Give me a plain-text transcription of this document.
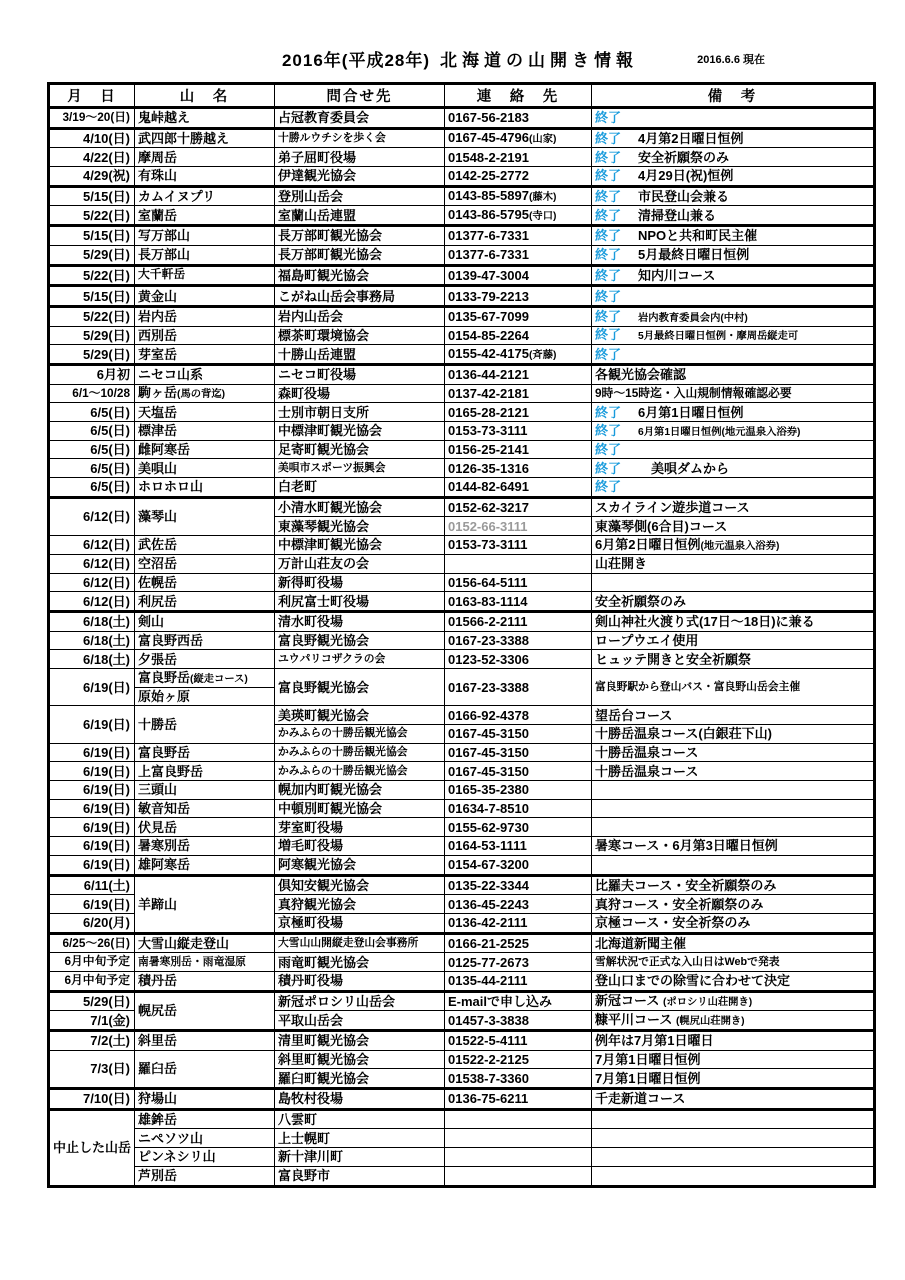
2016年(平成28年) 北海道の山開き情報	2016.6.6 現在
月　日	山　名	問合せ先	連　絡　先	備　考
3/19〜20(日)	鬼峠越え	占冠教育委員会	0167-56-2183	終了
4/10(日)	武四郎十勝越え	十勝ルウチシを歩く会	0167-45-4796(山家)	終了 4月第2日曜日恒例
4/22(日)	摩周岳	弟子屈町役場	01548-2-2191	終了 安全祈願祭のみ
4/29(祝)	有珠山	伊達観光協会	0142-25-2772	終了 4月29日(祝)恒例
5/15(日)	カムイヌプリ	登別山岳会	0143-85-5897(藤木)	終了 市民登山会兼る
5/22(日)	室蘭岳	室蘭山岳連盟	0143-86-5795(寺口)	終了 清掃登山兼る
5/15(日)	写万部山	長万部町観光協会	01377-6-7331	終了 NPOと共和町民主催
5/29(日)	長万部山	長万部町観光協会	01377-6-7331	終了 5月最終日曜日恒例
5/22(日)	大千軒岳	福島町観光協会	0139-47-3004	終了 知内川コース
5/15(日)	黄金山	こがね山岳会事務局	0133-79-2213	終了
5/22(日)	岩内岳	岩内山岳会	0135-67-7099	終了 岩内教育委員会内(中村)
5/29(日)	西別岳	標茶町環境協会	0154-85-2264	終了 5月最終日曜日恒例・摩周岳縦走可
5/29(日)	芽室岳	十勝山岳連盟	0155-42-4175(斉藤)	終了
6月初	ニセコ山系	ニセコ町役場	0136-44-2121	各観光協会確認
6/1〜10/28	駒ヶ岳(馬の背迄)	森町役場	0137-42-2181	9時〜15時迄・入山規制情報確認必要
6/5(日)	天塩岳	士別市朝日支所	0165-28-2121	終了 6月第1日曜日恒例
6/5(日)	標津岳	中標津町観光協会	0153-73-3111	終了 6月第1日曜日恒例(地元温泉入浴券)
6/5(日)	雌阿寒岳	足寄町観光協会	0156-25-2141	終了
6/5(日)	美唄山	美唄市スポーツ振興会	0126-35-1316	終了　美唄ダムから
6/5(日)	ホロホロ山	白老町	0144-82-6491	終了
6/12(日)	藻琴山	小清水町観光協会	0152-62-3217	スカイライン遊歩道コース
		東藻琴観光協会	0152-66-3111	東藻琴側(6合目)コース
6/12(日)	武佐岳	中標津町観光協会	0153-73-3111	6月第2日曜日恒例(地元温泉入浴券)
6/12(日)	空沼岳	万計山荘友の会		山荘開き
6/12(日)	佐幌岳	新得町役場	0156-64-5111	
6/12(日)	利尻岳	利尻富士町役場	0163-83-1114	安全祈願祭のみ
6/18(土)	剣山	清水町役場	01566-2-2111	剣山神社火渡り式(17日〜18日)に兼る
6/18(土)	富良野西岳	富良野観光協会	0167-23-3388	ロープウエイ使用
6/18(土)	夕張岳	ユウパリコザクラの会	0123-52-3306	ヒュッテ開きと安全祈願祭
6/19(日)	富良野岳(縦走コース)	富良野観光協会	0167-23-3388	富良野駅から登山バス・富良野山岳会主催
	原始ヶ原			
6/19(日)	十勝岳	美瑛町観光協会	0166-92-4378	望岳台コース
		かみふらの十勝岳観光協会	0167-45-3150	十勝岳温泉コース(白銀荘下山)
6/19(日)	富良野岳	かみふらの十勝岳観光協会	0167-45-3150	十勝岳温泉コース
6/19(日)	上富良野岳	かみふらの十勝岳観光協会	0167-45-3150	十勝岳温泉コース
6/19(日)	三頭山	幌加内町観光協会	0165-35-2380	
6/19(日)	敏音知岳	中頓別町観光協会	01634-7-8510	
6/19(日)	伏見岳	芽室町役場	0155-62-9730	
6/19(日)	暑寒別岳	増毛町役場	0164-53-1111	暑寒コース・6月第3日曜日恒例
6/19(日)	雄阿寒岳	阿寒観光協会	0154-67-3200	
6/11(土)	羊蹄山	倶知安観光協会	0135-22-3344	比羅夫コース・安全祈願祭のみ
6/19(日)		真狩観光協会	0136-45-2243	真狩コース・安全祈願祭のみ
6/20(月)		京極町役場	0136-42-2111	京極コース・安全祈祭のみ
6/25〜26(日)	大雪山縦走登山	大雪山山開縦走登山会事務所	0166-21-2525	北海道新聞主催
6月中旬予定	南暑寒別岳・雨竜湿原	雨竜町観光協会	0125-77-2673	雪解状況で正式な入山日はWebで発表
6月中旬予定	積丹岳	積丹町役場	0135-44-2111	登山口までの除雪に合わせて決定
5/29(日)	幌尻岳	新冠ポロシリ山岳会	E-mailで申し込み	新冠コース (ポロシリ山荘開き)
7/1(金)		平取山岳会	01457-3-3838	糠平川コース (幌尻山荘開き)
7/2(土)	斜里岳	清里町観光協会	01522-5-4111	例年は7月第1日曜日
7/3(日)	羅臼岳	斜里町観光協会	01522-2-2125	7月第1日曜日恒例
		羅臼町観光協会	01538-7-3360	7月第1日曜日恒例
7/10(日)	狩場山	島牧村役場	0136-75-6211	千走新道コース
中止した山岳	雄鉾岳	八雲町		
	ニペソツ山	上士幌町		
	ピンネシリ山	新十津川町		
	芦別岳	富良野市		
